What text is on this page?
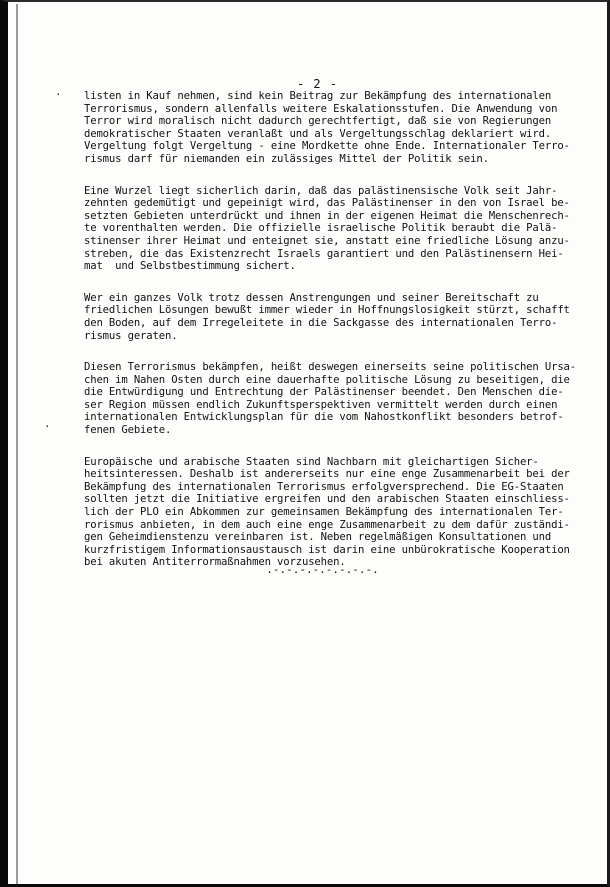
- 2 -
·
·
listen in Kauf nehmen, sind kein Beitrag zur Bekämpfung des internationalen
Terrorismus, sondern allenfalls weitere Eskalationsstufen. Die Anwendung von
Terror wird moralisch nicht dadurch gerechtfertigt, daß sie von Regierungen
demokratischer Staaten veranlaßt und als Vergeltungsschlag deklariert wird.
Vergeltung folgt Vergeltung - eine Mordkette ohne Ende. Internationaler Terro-
rismus darf für niemanden ein zulässiges Mittel der Politik sein.
Eine Wurzel liegt sicherlich darin, daß das palästinensische Volk seit Jahr-
zehnten gedemütigt und gepeinigt wird, das Palästinenser in den von Israel be-
setzten Gebieten unterdrückt und ihnen in der eigenen Heimat die Menschenrech-
te vorenthalten werden. Die offizielle israelische Politik beraubt die Palä-
stinenser ihrer Heimat und enteignet sie, anstatt eine friedliche Lösung anzu-
streben, die das Existenzrecht Israels garantiert und den Palästinensern Hei-
mat  und Selbstbestimmung sichert.
Wer ein ganzes Volk trotz dessen Anstrengungen und seiner Bereitschaft zu
friedlichen Lösungen bewußt immer wieder in Hoffnungslosigkeit stürzt, schafft
den Boden, auf dem Irregeleitete in die Sackgasse des internationalen Terro-
rismus geraten.
Diesen Terrorismus bekämpfen, heißt deswegen einerseits seine politischen Ursa-
chen im Nahen Osten durch eine dauerhafte politische Lösung zu beseitigen, die
die Entwürdigung und Entrechtung der Palästinenser beendet. Den Menschen die-
ser Region müssen endlich Zukunftsperspektiven vermittelt werden durch einen
internationalen Entwicklungsplan für die vom Nahostkonflikt besonders betrof-
fenen Gebiete.
Europäische und arabische Staaten sind Nachbarn mit gleichartigen Sicher-
heitsinteressen. Deshalb ist andererseits nur eine enge Zusammenarbeit bei der
Bekämpfung des internationalen Terrorismus erfolgversprechend. Die EG-Staaten
sollten jetzt die Initiative ergreifen und den arabischen Staaten einschliess-
lich der PLO ein Abkommen zur gemeinsamen Bekämpfung des internationalen Ter-
rorismus anbieten, in dem auch eine enge Zusammenarbeit zu dem dafür zuständi-
gen Geheimdienstenzu vereinbaren ist. Neben regelmäßigen Konsultationen und
kurzfristigem Informationsaustausch ist darin eine unbürokratische Kooperation
bei akuten Antiterrormaßnahmen vorzusehen.
.-.-.-.-.-.-.-.-.
